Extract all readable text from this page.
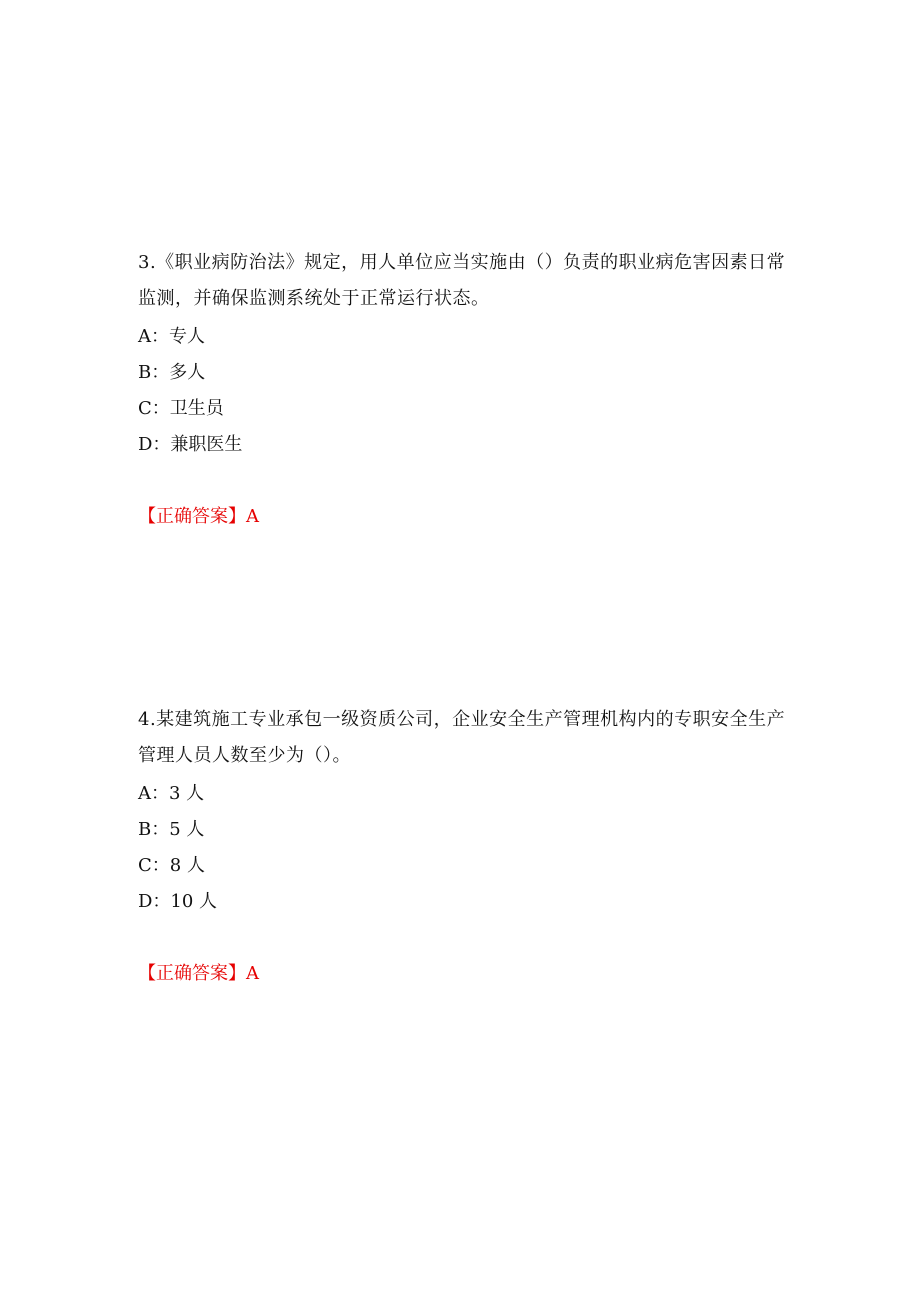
3.《职业病防治法》规定，用人单位应当实施由（）负责的职业病危害因素日常
监测，并确保监测系统处于正常运行状态。

A：专人
B：多人
C：卫生员
D：兼职医生
【正确答案】A

4.某建筑施工专业承包一级资质公司，企业安全生产管理机构内的专职安全生产
管理人员人数至少为（）。

A：3 人
B：5 人
C：8 人
D：10 人
【正确答案】A
